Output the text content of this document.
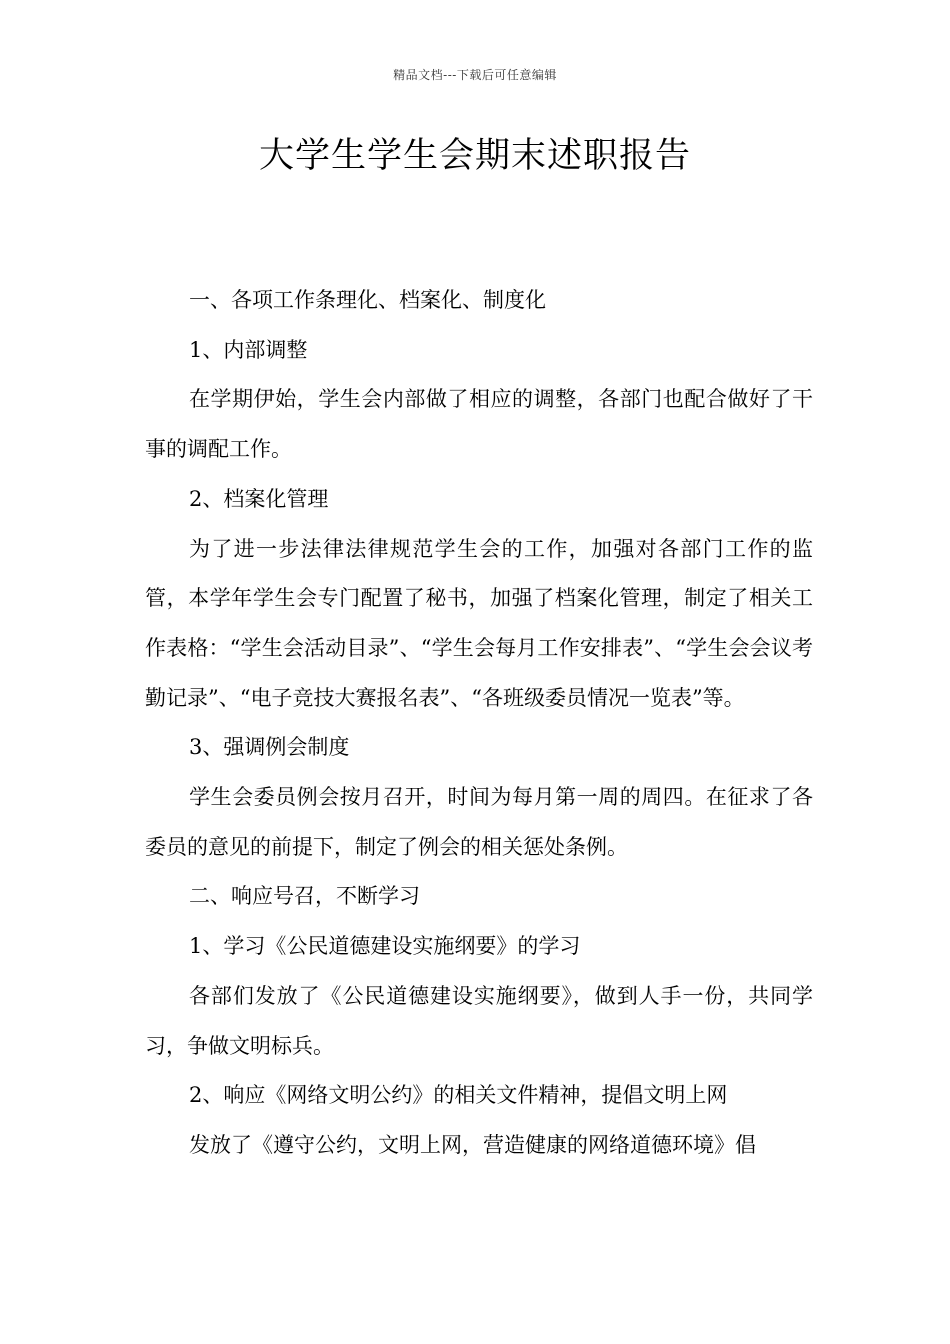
精品文档---下载后可任意编辑
大学生学生会期末述职报告

一、各项工作条理化、档案化、制度化

1、内部调整

在学期伊始，学生会内部做了相应的调整，各部门也配合做好了干事的调配工作。

2、档案化管理

为了进一步法律法律规范学生会的工作，加强对各部门工作的监管，本学年学生会专门配置了秘书，加强了档案化管理，制定了相关工作表格：“学生会活动目录”、“学生会每月工作安排表”、“学生会会议考勤记录”、“电子竞技大赛报名表”、“各班级委员情况一览表”等。

3、强调例会制度

学生会委员例会按月召开，时间为每月第一周的周四。在征求了各委员的意见的前提下，制定了例会的相关惩处条例。

二、响应号召，不断学习

1、学习《公民道德建设实施纲要》的学习

各部们发放了《公民道德建设实施纲要》，做到人手一份，共同学习，争做文明标兵。

2、响应《网络文明公约》的相关文件精神，提倡文明上网

发放了《遵守公约，文明上网，营造健康的网络道德环境》倡
